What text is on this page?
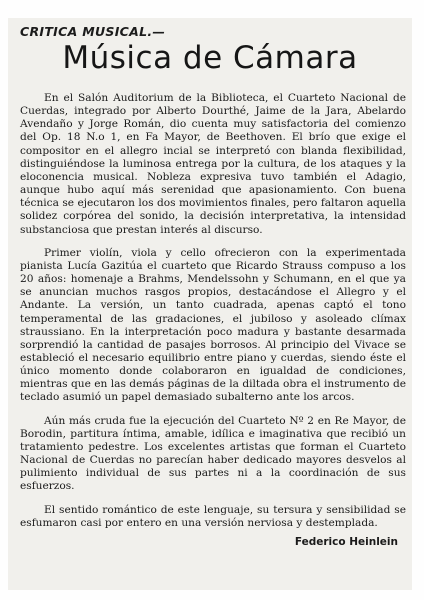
CRITICA MUSICAL.—
Música de Cámara

En el Salón Auditorium de la Biblioteca, el Cuarteto Nacional de Cuerdas, integrado por Alberto Dourthé, Jaime de la Jara, Abelardo Avendaño y Jorge Román, dio cuenta muy satisfactoria del comienzo del Op. 18 N.o 1, en Fa Mayor, de Beethoven. El brío que exige el compositor en el allegro incial se interpretó con blanda flexibilidad, distinguiéndose la luminosa entrega por la cultura, de los ataques y la eloconencia musical. Nobleza expresiva tuvo también el Adagio, aunque hubo aquí más serenidad que apasionamiento. Con buena técnica se ejecutaron los dos movimientos finales, pero faltaron aquella solidez corpórea del sonido, la decisión interpretativa, la intensidad substanciosa que prestan interés al discurso.

Primer violín, viola y cello ofrecieron con la experimentada pianista Lucía Gazitúa el cuarteto que Ricardo Strauss compuso a los 20 años: homenaje a Brahms, Mendelssohn y Schumann, en el que ya se anuncian muchos rasgos propios, destacándose el Allegro y el Andante. La versión, un tanto cuadrada, apenas captó el tono temperamental de las gradaciones, el jubiloso y asoleado clímax straussiano. En la interpretación poco madura y bastante desarmada sorprendió la cantidad de pasajes borrosos. Al principio del Vivace se estableció el necesario equilibrio entre piano y cuerdas, siendo éste el único momento donde colaboraron en igualdad de condiciones, mientras que en las demás páginas de la diltada obra el instrumento de teclado asumió un papel demasiado subalterno ante los arcos.

Aún más cruda fue la ejecución del Cuarteto Nº 2 en Re Mayor, de Borodin, partitura íntima, amable, idílica e imaginativa que recibió un tratamiento pedestre. Los excelentes artistas que forman el Cuarteto Nacional de Cuerdas no parecían haber dedicado mayores desvelos al pulimiento individual de sus partes ni a la coordinación de sus esfuerzos.

El sentido romántico de este lenguaje, su tersura y sensibilidad se esfumaron casi por entero en una versión nerviosa y destemplada.

Federico Heinlein
